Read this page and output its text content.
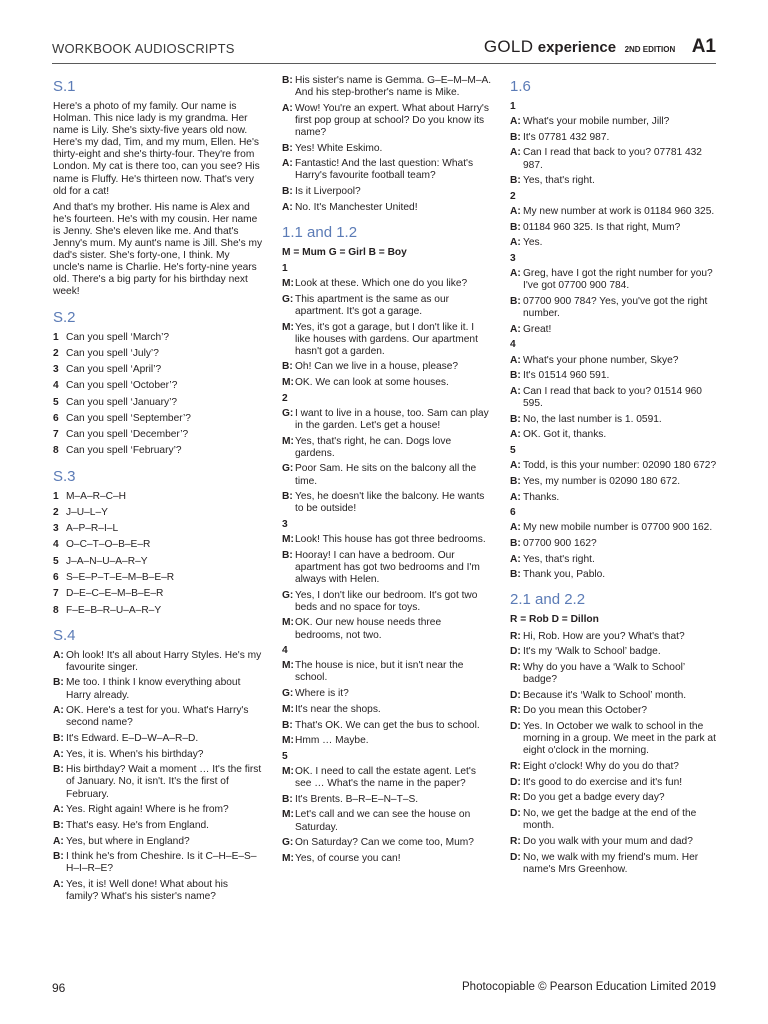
WORKBOOK AUDIOSCRIPTS	GOLD experience 2ND EDITION A1
S.1

Here's a photo of my family. Our name is Holman. This nice lady is my grandma. Her name is Lily. She's sixty-five years old now. Here's my dad, Tim, and my mum, Ellen. He's thirty-eight and she's thirty-four. They're from London. My cat is there too, can you see? His name is Fluffy. He's thirteen now. That's very old for a cat!

And that's my brother. His name is Alex and he's fourteen. He's with my cousin. Her name is Jenny. She's eleven like me. And that's Jenny's mum. My aunt's name is Jill. She's my dad's sister. She's forty-one, I think. My uncle's name is Charlie. He's forty-nine years old. There's a big party for his birthday next week!

S.2
1 Can you spell ‘March’?
2 Can you spell ‘July’?
3 Can you spell ‘April’?
4 Can you spell ‘October’?
5 Can you spell ‘January’?
6 Can you spell ‘September’?
7 Can you spell ‘December’?
8 Can you spell ‘February’?
S.3
1 M–A–R–C–H
2 J–U–L–Y
3 A–P–R–I–L
4 O–C–T–O–B–E–R
5 J–A–N–U–A–R–Y
6 S–E–P–T–E–M–B–E–R
7 D–E–C–E–M–B–E–R
8 F–E–B–R–U–A–R–Y
S.4
A: Oh look! It's all about Harry Styles. He's my favourite singer.
B: Me too. I think I know everything about Harry already.
A: OK. Here's a test for you. What's Harry's second name?
B: It's Edward. E–D–W–A–R–D.
A: Yes, it is. When's his birthday?
B: His birthday? Wait a moment … It's the first of January. No, it isn't. It's the first of February.
A: Yes. Right again! Where is he from?
B: That's easy. He's from England.
A: Yes, but where in England?
B: I think he's from Cheshire. Is it C–H–E–S–H–I–R–E?
A: Yes, it is! Well done! What about his family? What's his sister's name?
B: His sister's name is Gemma. G–E–M–M–A. And his step-brother's name is Mike.
A: Wow! You're an expert. What about Harry's first pop group at school? Do you know its name?
B: Yes! White Eskimo.
A: Fantastic! And the last question: What's Harry's favourite football team?
B: Is it Liverpool?
A: No. It's Manchester United!
1.1 and 1.2
M = Mum G = Girl B = Boy
1
M: Look at these. Which one do you like?
G: This apartment is the same as our apartment. It's got a garage.
M: Yes, it's got a garage, but I don't like it. I like houses with gardens. Our apartment hasn't got a garden.
B: Oh! Can we live in a house, please?
M: OK. We can look at some houses.
2
G: I want to live in a house, too. Sam can play in the garden. Let's get a house!
M: Yes, that's right, he can. Dogs love gardens.
G: Poor Sam. He sits on the balcony all the time.
B: Yes, he doesn't like the balcony. He wants to be outside!
3
M: Look! This house has got three bedrooms.
B: Hooray! I can have a bedroom. Our apartment has got two bedrooms and I'm always with Helen.
G: Yes, I don't like our bedroom. It's got two beds and no space for toys.
M: OK. Our new house needs three bedrooms, not two.
4
M: The house is nice, but it isn't near the school.
G: Where is it?
M: It's near the shops.
B: That's OK. We can get the bus to school.
M: Hmm … Maybe.
5
M: OK. I need to call the estate agent. Let's see … What's the name in the paper?
B: It's Brents. B–R–E–N–T–S.
M: Let's call and we can see the house on Saturday.
G: On Saturday? Can we come too, Mum?
M: Yes, of course you can!
1.6
1
A: What's your mobile number, Jill?
B: It's 07781 432 987.
A: Can I read that back to you? 07781 432 987.
B: Yes, that's right.
2
A: My new number at work is 01184 960 325.
B: 01184 960 325. Is that right, Mum?
A: Yes.
3
A: Greg, have I got the right number for you? I've got 07700 900 784.
B: 07700 900 784? Yes, you've got the right number.
A: Great!
4
A: What's your phone number, Skye?
B: It's 01514 960 591.
A: Can I read that back to you? 01514 960 595.
B: No, the last number is 1. 0591.
A: OK. Got it, thanks.
5
A: Todd, is this your number: 02090 180 672?
B: Yes, my number is 02090 180 672.
A: Thanks.
6
A: My new mobile number is 07700 900 162.
B: 07700 900 162?
A: Yes, that's right.
B: Thank you, Pablo.
2.1 and 2.2
R = Rob D = Dillon
R: Hi, Rob. How are you? What's that?
D: It's my ‘Walk to School’ badge.
R: Why do you have a ‘Walk to School’ badge?
D: Because it's ‘Walk to School’ month.
R: Do you mean this October?
D: Yes. In October we walk to school in the morning in a group. We meet in the park at eight o'clock in the morning.
R: Eight o'clock! Why do you do that?
D: It's good to do exercise and it's fun!
R: Do you get a badge every day?
D: No, we get the badge at the end of the month.
R: Do you walk with your mum and dad?
D: No, we walk with my friend's mum. Her name's Mrs Greenhow.
96	Photocopiable © Pearson Education Limited 2019
